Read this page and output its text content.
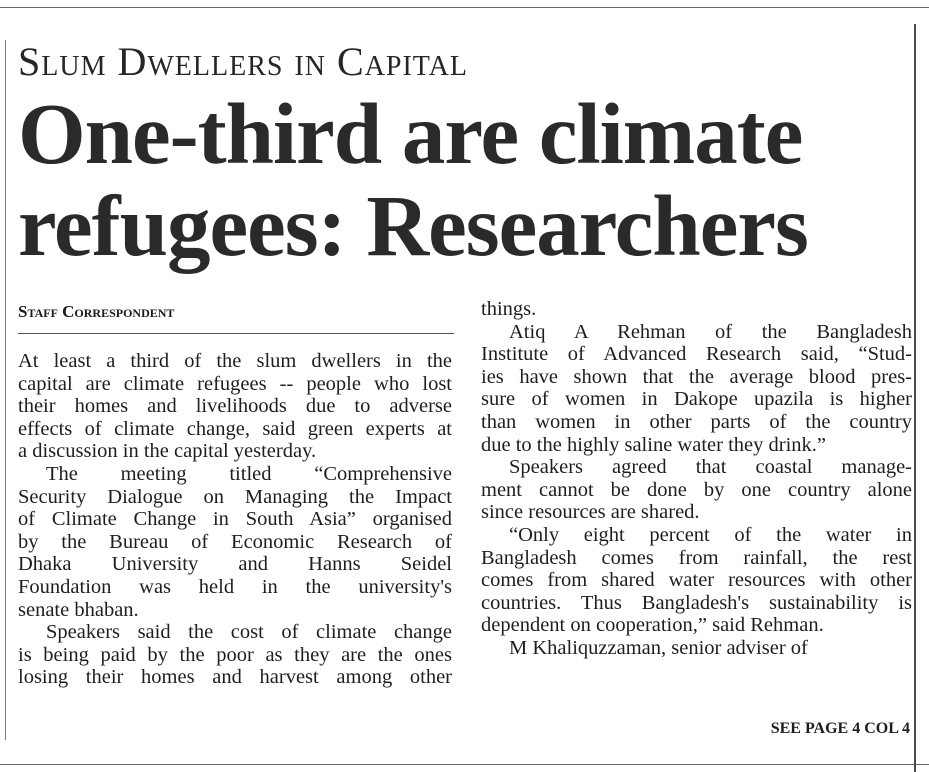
Slum Dwellers in Capital
One-third are climate
refugees: Researchers
Staff Correspondent
At least a third of the slum dwellers in the
capital are climate refugees -- people who lost
their homes and livelihoods due to adverse
effects of climate change, said green experts at
a discussion in the capital yesterday.
The meeting titled “Comprehensive
Security Dialogue on Managing the Impact
of Climate Change in South Asia” organised
by the Bureau of Economic Research of
Dhaka University and Hanns Seidel
Foundation was held in the university's
senate bhaban.
Speakers said the cost of climate change
is being paid by the poor as they are the ones
losing their homes and harvest among other
things.
Atiq A Rehman of the Bangladesh
Institute of Advanced Research said, “Stud-
ies have shown that the average blood pres-
sure of women in Dakope upazila is higher
than women in other parts of the country
due to the highly saline water they drink.”
Speakers agreed that coastal manage-
ment cannot be done by one country alone
since resources are shared.
“Only eight percent of the water in
Bangladesh comes from rainfall, the rest
comes from shared water resources with other
countries. Thus Bangladesh's sustainability is
dependent on cooperation,” said Rehman.
M Khaliquzzaman, senior adviser of
SEE PAGE 4 COL 4
